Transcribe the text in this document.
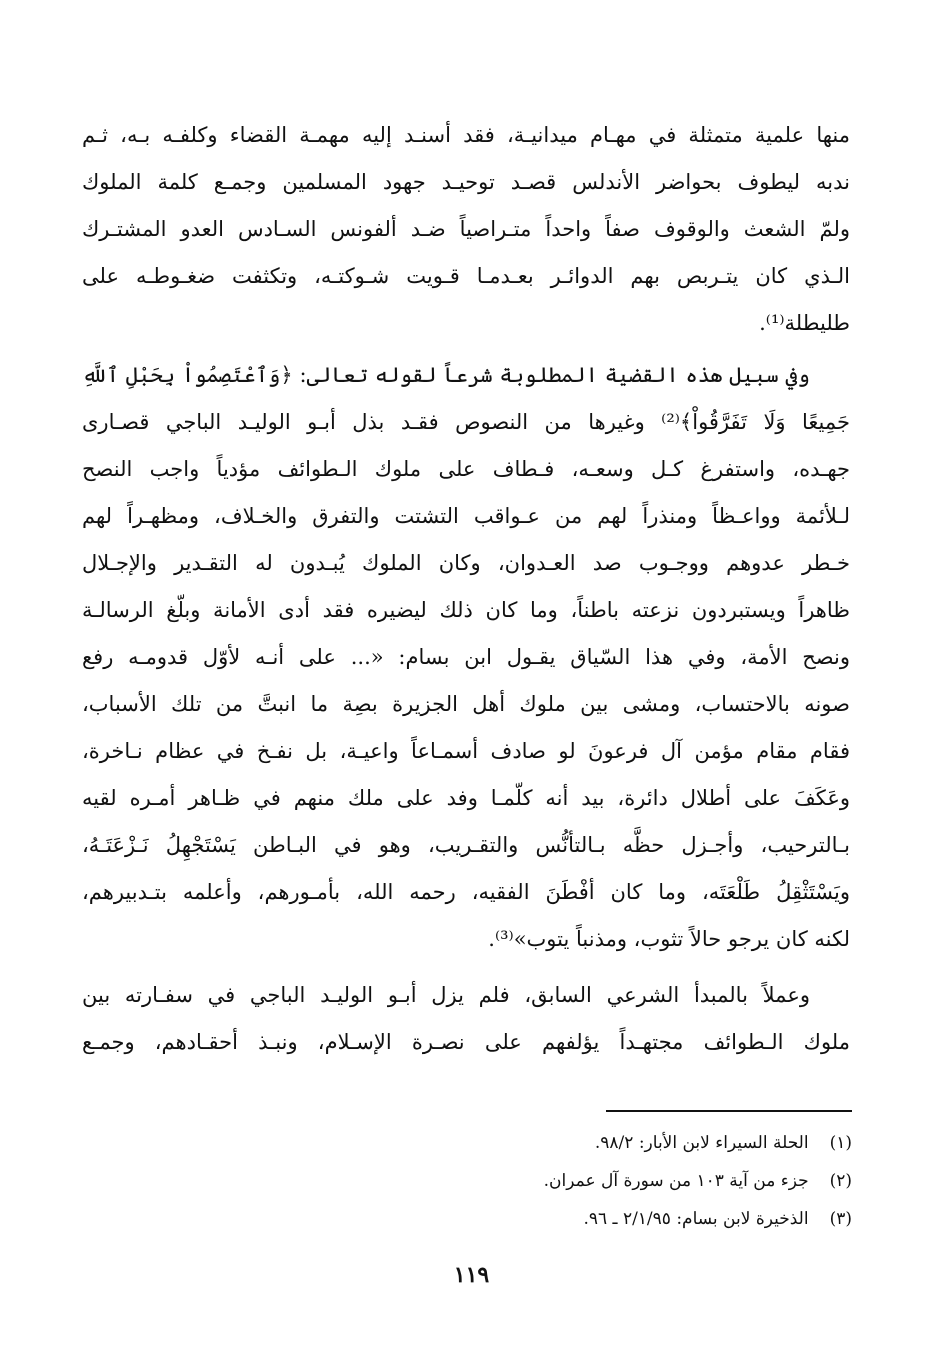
منها علمية متمثلة في مهـام ميدانيـة، فقد أسنـد إليه مهمـة القضاء وكلفـه بـه، ثـم
ندبه ليطوف بحواضر الأندلس قصـد توحيـد جهود المسلمين وجمـع كلمة الملوك
ولمّ الشعث والوقوف صفاً واحداً متـراصياً ضـد ألفونس السـادس العدو المشتـرك
الـذي كان يتـربص بهم الدوائـر بعـدمـا قـويت شـوكتـه، وتكثفت ضغـوطـه على
طليطلة⁽¹⁾.
وفي سبيل هذه القضية المطلوبة شرعاً لقوله تعالى: ﴿وَٱعْتَصِمُواْ بِحَبْلِ ٱللَّهِ
جَمِيعًا وَلَا تَفَرَّقُواْ﴾⁽²⁾ وغيرها من النصوص فقـد بذل أبـو الوليـد الباجي قصـارى
جهـده، واستفرغ كـل وسعـه، فـطاف على ملوك الـطوائف مؤدياً واجب النصح
لـلأئمة وواعـظاً ومنذراً لهم من عـواقب التشتت والتفرق والخـلاف، ومظهـراً لهم
خـطر عدوهم ووجـوب صد العـدوان، وكان الملوك يُبـدون له التقـدير والإجـلال
ظاهراً ويستبردون نزعته باطناً، وما كان ذلك ليضيره فقد أدى الأمانة وبلّغ الرسالـة
ونصح الأمة، وفي هذا السّياق يقـول ابن بسام: «... على أنـه لأوّل قدومـه رفع
صونه بالاحتساب، ومشى بين ملوك أهل الجزيرة بصِة ما انبتَّ من تلك الأسباب،
فقام مقام مؤمن آل فرعونَ لو صادف أسمـاعاً واعيـة، بل نفـخ في عظام نـاخرة،
وعَكَفَ على أطلال دائرة، بيد أنه كلّمـا وفد على ملك منهم في ظـاهر أمـره لقيه
بـالترحيب، وأجـزل حظَّه بـالتأنُّس والتقـريب، وهو في البـاطن يَسْتَجْهِلُ نَـزْعَتَـهُ،
ويَسْتَثْقِلُ طَلْعَتَه، وما كان أفْطَنَ الفقيه، رحمه الله، بأمـورهم، وأعلمه بتـدبيرهم،
لكنه كان يرجو حالاً تثوب، ومذنباً يتوب»⁽³⁾.
وعملاً بالمبدأ الشرعي السابق، فلم يزل أبـو الوليـد الباجي في سفـارته بين
ملوك الـطوائف مجتهـداً يؤلفهم على نصـرة الإسـلام، ونبـذ أحقـادهم، وجمـع
(١) الحلة السيراء لابن الأبار: ٩٨/٢.
(٢) جزء من آية ١٠٣ من سورة آل عمران.
(٣) الذخيرة لابن بسام: ٢/١/٩٥ ـ ٩٦.
١١٩
